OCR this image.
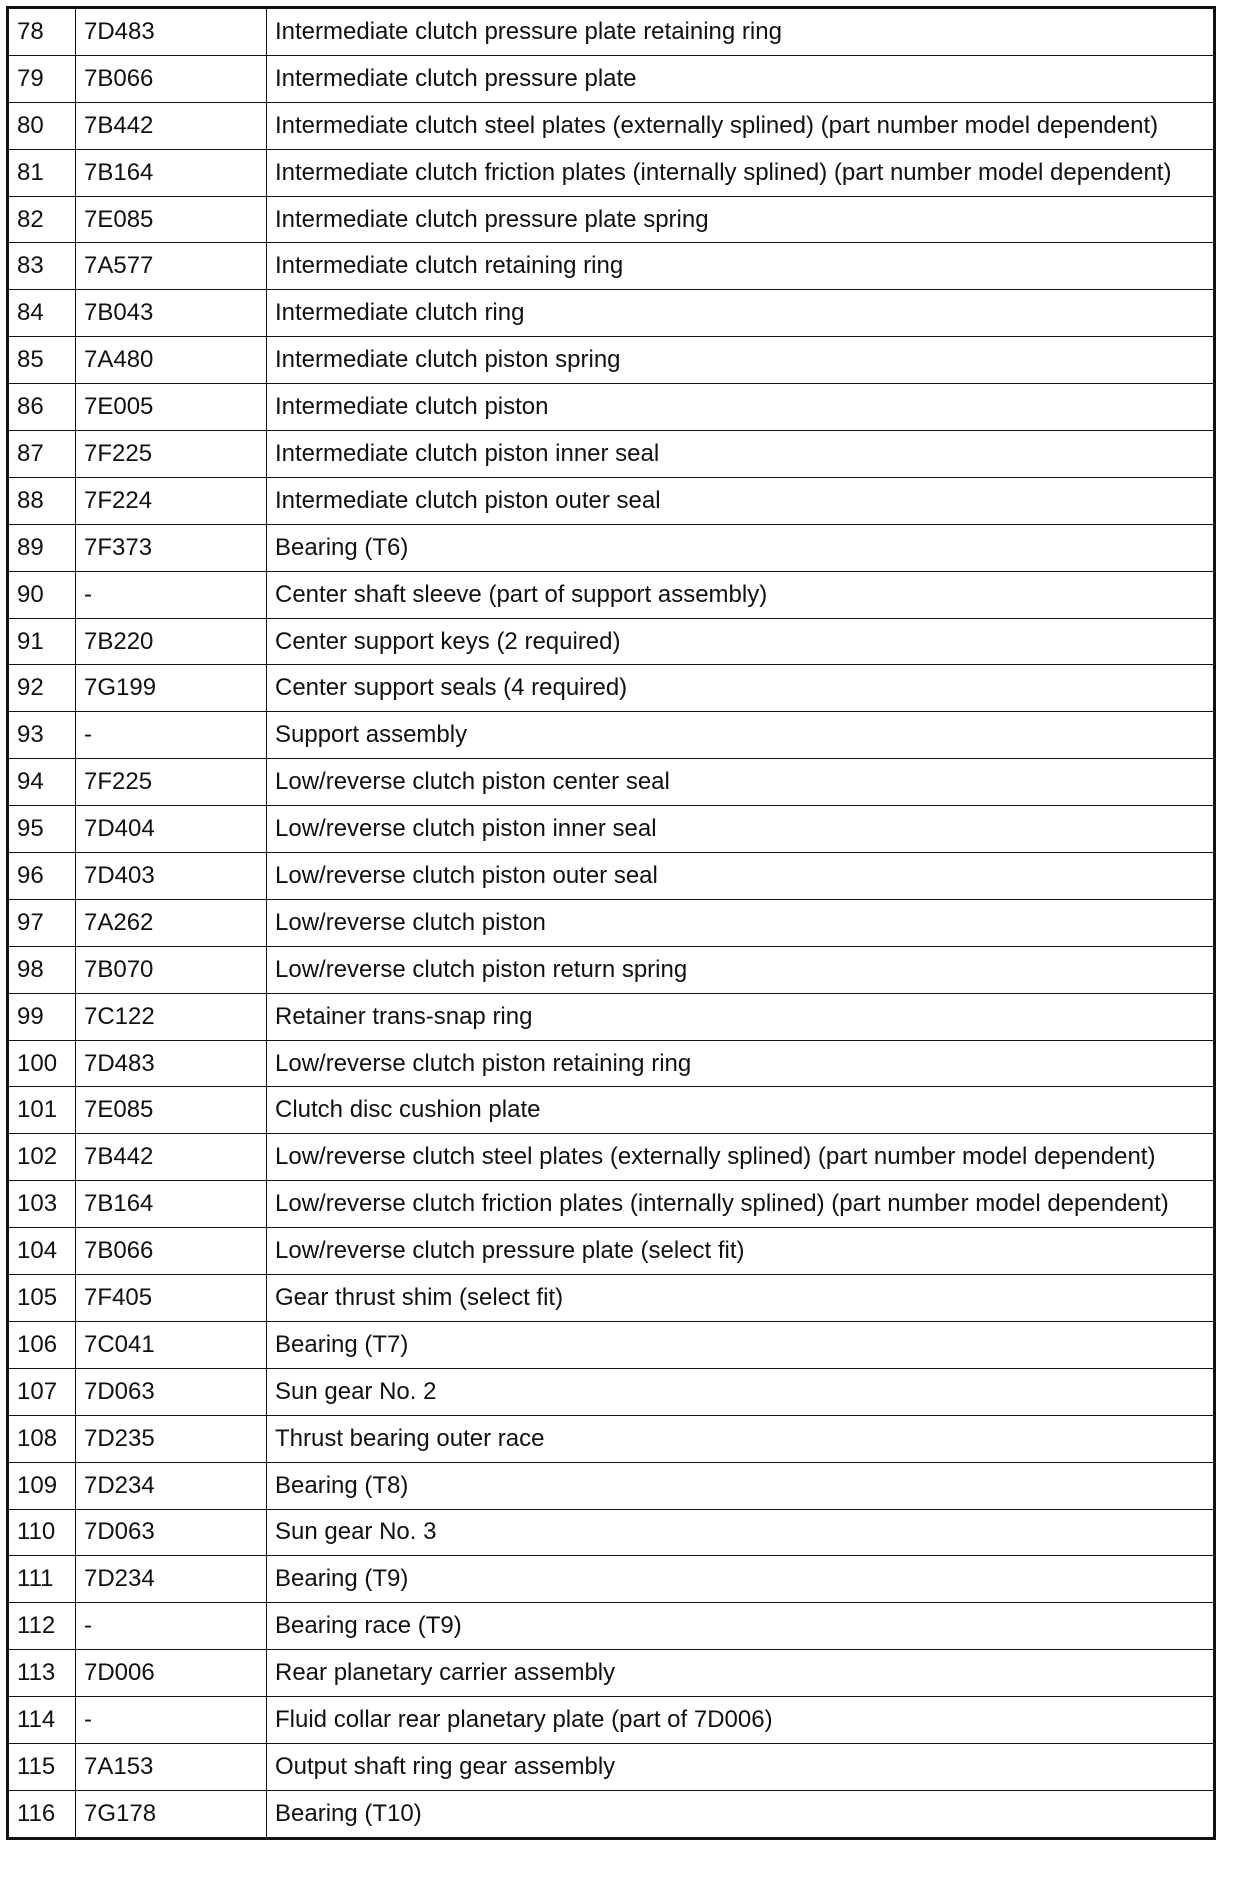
78	7D483	Intermediate clutch pressure plate retaining ring
79	7B066	Intermediate clutch pressure plate
80	7B442	Intermediate clutch steel plates (externally splined) (part number model dependent)
81	7B164	Intermediate clutch friction plates (internally splined) (part number model dependent)
82	7E085	Intermediate clutch pressure plate spring
83	7A577	Intermediate clutch retaining ring
84	7B043	Intermediate clutch ring
85	7A480	Intermediate clutch piston spring
86	7E005	Intermediate clutch piston
87	7F225	Intermediate clutch piston inner seal
88	7F224	Intermediate clutch piston outer seal
89	7F373	Bearing (T6)
90	-	Center shaft sleeve (part of support assembly)
91	7B220	Center support keys (2 required)
92	7G199	Center support seals (4 required)
93	-	Support assembly
94	7F225	Low/reverse clutch piston center seal
95	7D404	Low/reverse clutch piston inner seal
96	7D403	Low/reverse clutch piston outer seal
97	7A262	Low/reverse clutch piston
98	7B070	Low/reverse clutch piston return spring
99	7C122	Retainer trans-snap ring
100	7D483	Low/reverse clutch piston retaining ring
101	7E085	Clutch disc cushion plate
102	7B442	Low/reverse clutch steel plates (externally splined) (part number model dependent)
103	7B164	Low/reverse clutch friction plates (internally splined) (part number model dependent)
104	7B066	Low/reverse clutch pressure plate (select fit)
105	7F405	Gear thrust shim (select fit)
106	7C041	Bearing (T7)
107	7D063	Sun gear No. 2
108	7D235	Thrust bearing outer race
109	7D234	Bearing (T8)
110	7D063	Sun gear No. 3
111	7D234	Bearing (T9)
112	-	Bearing race (T9)
113	7D006	Rear planetary carrier assembly
114	-	Fluid collar rear planetary plate (part of 7D006)
115	7A153	Output shaft ring gear assembly
116	7G178	Bearing (T10)
